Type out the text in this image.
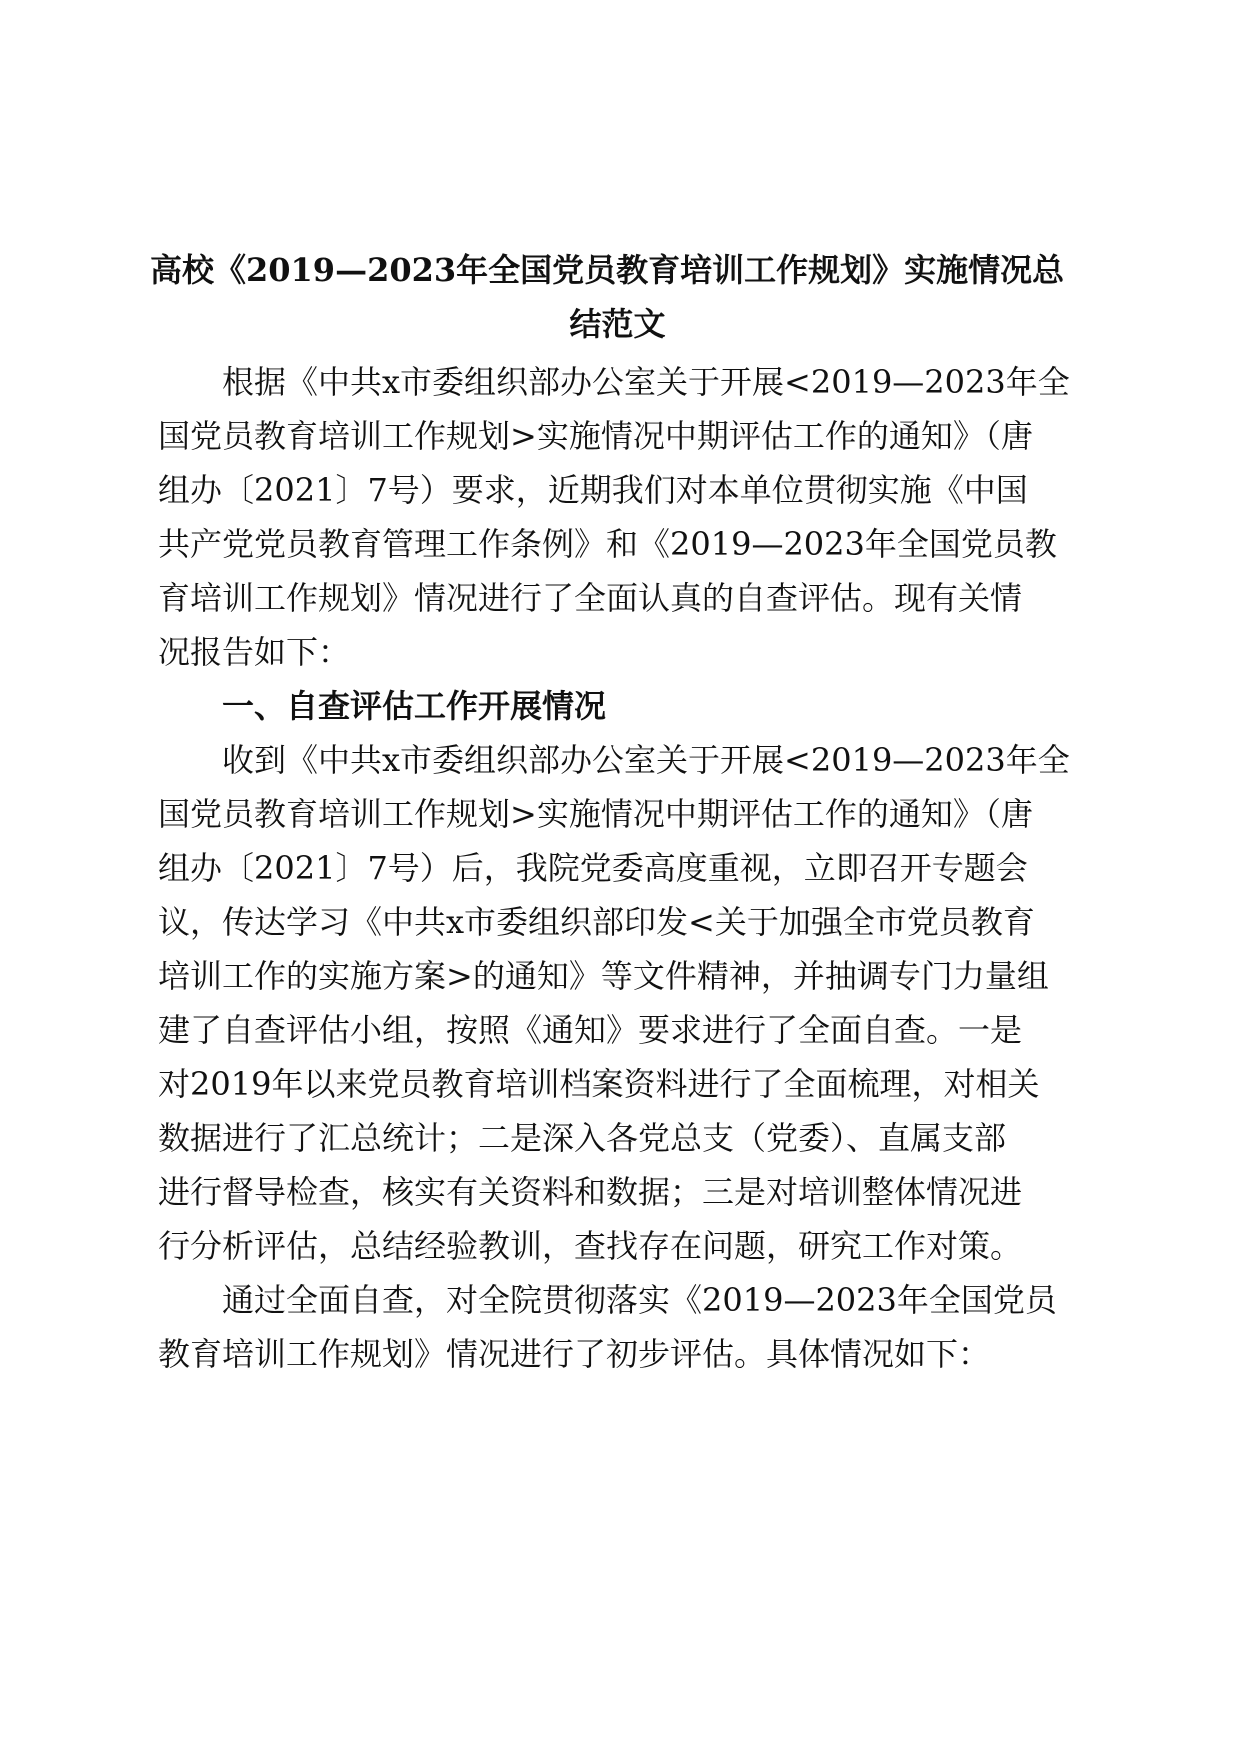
高校《2019—2023年全国党员教育培训工作规划》实施情况总
结范文
根据《中共x市委组织部办公室关于开展<2019—2023年全
国党员教育培训工作规划>实施情况中期评估工作的通知》（唐
组办〔2021〕7号）要求，近期我们对本单位贯彻实施《中国
共产党党员教育管理工作条例》和《2019—2023年全国党员教
育培训工作规划》情况进行了全面认真的自查评估。现有关情
况报告如下：
一、自查评估工作开展情况
收到《中共x市委组织部办公室关于开展<2019—2023年全
国党员教育培训工作规划>实施情况中期评估工作的通知》（唐
组办〔2021〕7号）后，我院党委高度重视，立即召开专题会
议，传达学习《中共x市委组织部印发<关于加强全市党员教育
培训工作的实施方案>的通知》等文件精神，并抽调专门力量组
建了自查评估小组，按照《通知》要求进行了全面自查。一是
对2019年以来党员教育培训档案资料进行了全面梳理，对相关
数据进行了汇总统计；二是深入各党总支（党委）、直属支部
进行督导检查，核实有关资料和数据；三是对培训整体情况进
行分析评估，总结经验教训，查找存在问题，研究工作对策。
通过全面自查，对全院贯彻落实《2019—2023年全国党员
教育培训工作规划》情况进行了初步评估。具体情况如下：
